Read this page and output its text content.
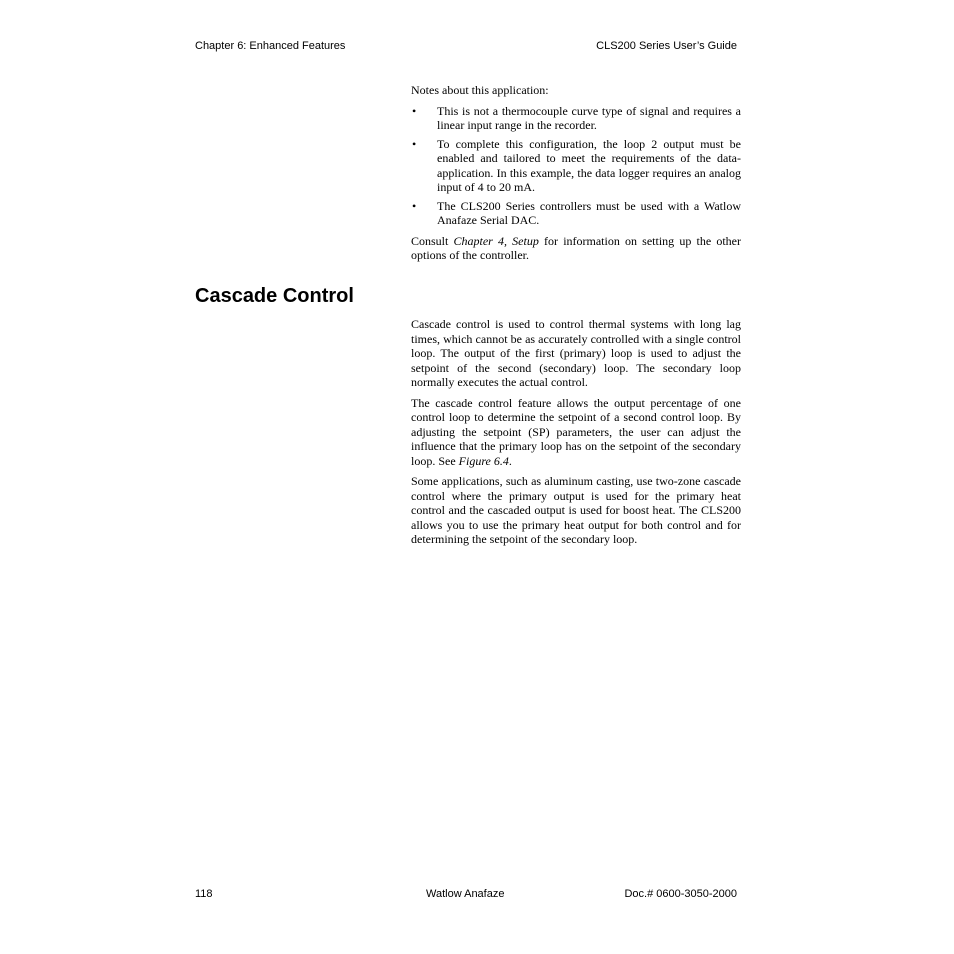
Chapter 6: Enhanced Features	CLS200 Series User’s Guide

Notes about this application:

• This is not a thermocouple curve type of signal and requires a linear input range in the recorder.
• To complete this configuration, the loop 2 output must be enabled and tailored to meet the requirements of the data-application. In this example, the data logger requires an analog input of 4 to 20 mA.
• The CLS200 Series controllers must be used with a Watlow Anafaze Serial DAC.

Consult Chapter 4, Setup for information on setting up the other options of the controller.

Cascade Control

Cascade control is used to control thermal systems with long lag times, which cannot be as accurately controlled with a single control loop. The output of the first (primary) loop is used to adjust the setpoint of the second (secondary) loop. The secondary loop normally executes the actual control.

The cascade control feature allows the output percentage of one control loop to determine the setpoint of a second control loop. By adjusting the setpoint (SP) parameters, the user can adjust the influence that the primary loop has on the setpoint of the secondary loop. See Figure 6.4.

Some applications, such as aluminum casting, use two-zone cascade control where the primary output is used for the primary heat control and the cascaded output is used for boost heat. The CLS200 allows you to use the primary heat output for both control and for determining the setpoint of the secondary loop.

118	Watlow Anafaze	Doc.# 0600-3050-2000
